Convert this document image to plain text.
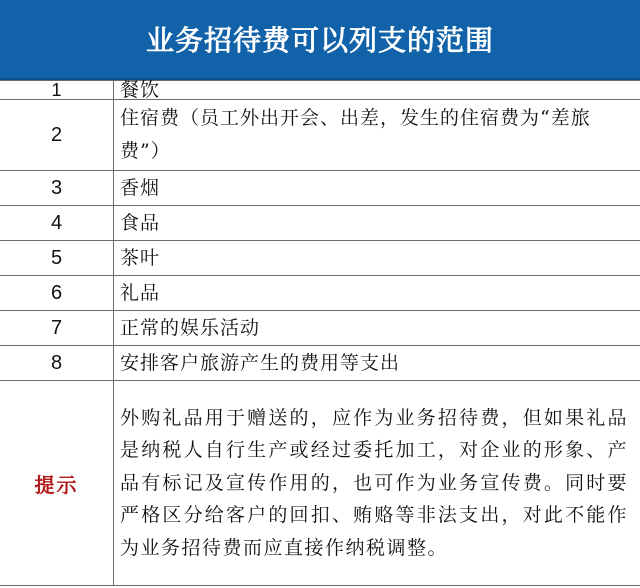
业务招待费可以列支的范围
1	餐饮
2	住宿费（员工外出开会、出差，发生的住宿费为“差旅费”）
3	香烟
4	食品
5	茶叶
6	礼品
7	正常的娱乐活动
8	安排客户旅游产生的费用等支出
提示	外购礼品用于赠送的，应作为业务招待费，但如果礼品是纳税人自行生产或经过委托加工，对企业的形象、产品有标记及宣传作用的，也可作为业务宣传费。同时要严格区分给客户的回扣、贿赂等非法支出，对此不能作为业务招待费而应直接作纳税调整。
